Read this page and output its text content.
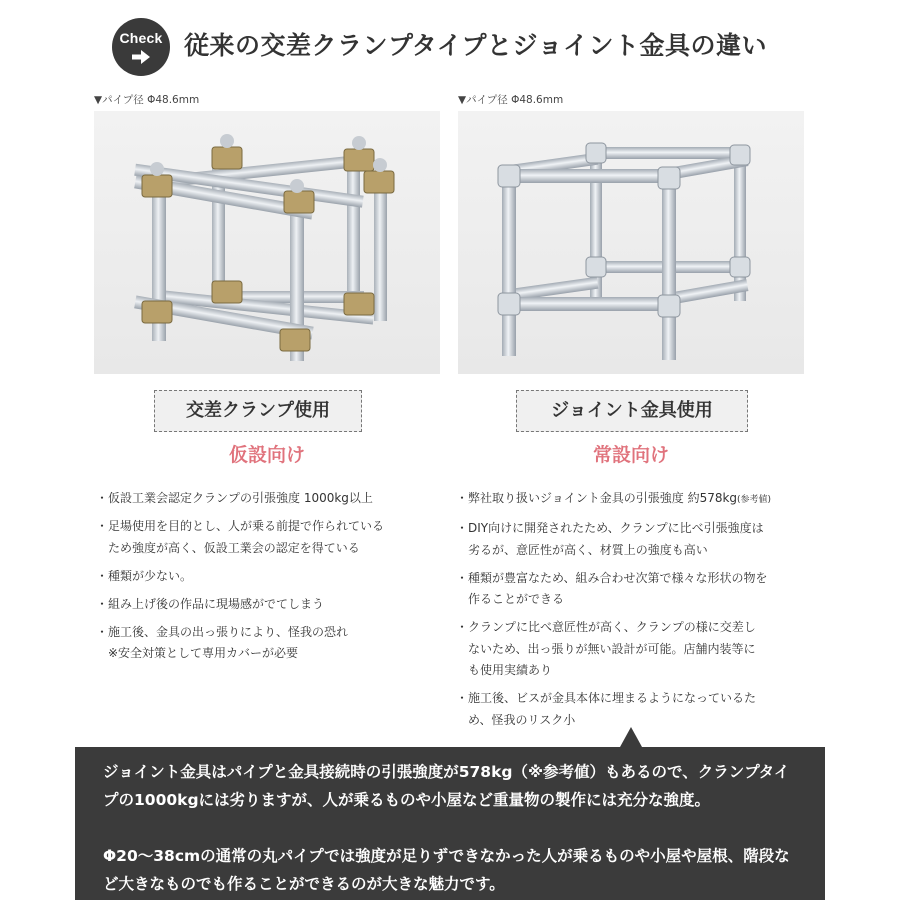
Check 従来の交差クランプタイプとジョイント金具の違い
▼パイプ径 Φ48.6mm	▼パイプ径 Φ48.6mm
交差クランプ使用	ジョイント金具使用
仮設向け	常設向け
・ 仮設工業会認定クランプの引張強度 1000kg以上
・ 足場使用を目的とし、人が乗る前提で作られている
ため強度が高く、仮設工業会の認定を得ている
・ 種類が少ない。
・ 組み上げ後の作品に現場感がでてしまう
・ 施工後、金具の出っ張りにより、怪我の恐れ
※安全対策として専用カバーが必要
・ 弊社取り扱いジョイント金具の引張強度 約578kg(参考値)
・ DIY向けに開発されたため、クランプに比べ引張強度は
劣るが、意匠性が高く、材質上の強度も高い
・ 種類が豊富なため、組み合わせ次第で様々な形状の物を
作ることができる
・ クランプに比べ意匠性が高く、クランプの様に交差し
ないため、出っ張りが無い設計が可能。店舗内装等に
も使用実績あり
・ 施工後、ビスが金具本体に埋まるようになっているた
め、怪我のリスク小

ジョイント金具はパイプと金具接続時の引張強度が578kg（※参考値）もあるので、クランプタイプの1000kgには劣りますが、人が乗るものや小屋など重量物の製作には充分な強度。

Φ20～38cmの通常の丸パイプでは強度が足りずできなかった人が乗るものや小屋や屋根、階段など大きなものでも作ることができるのが大きな魅力です。
